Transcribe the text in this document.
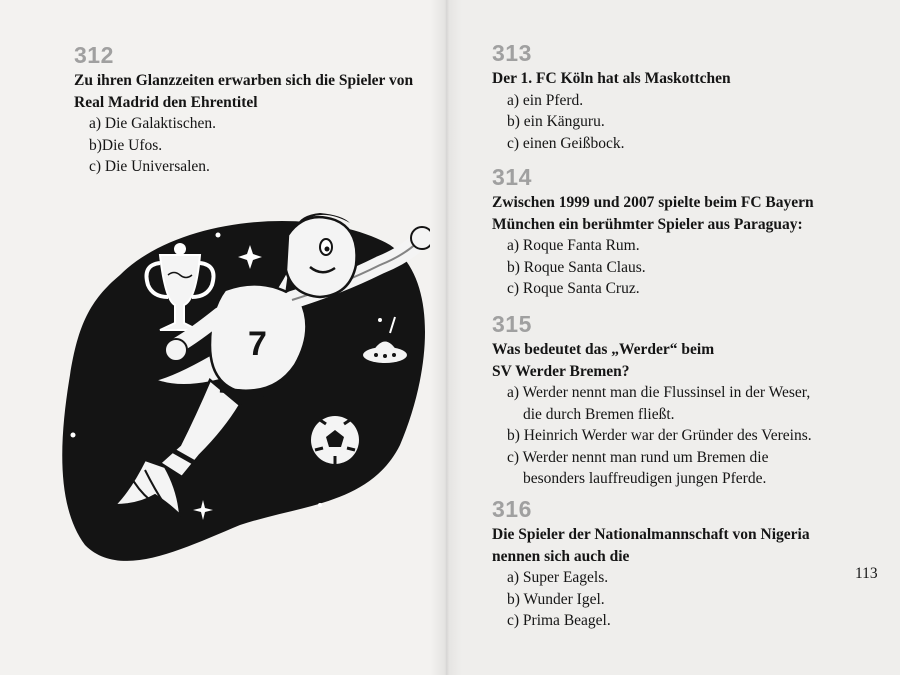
312
Zu ihren Glanzzeiten erwarben sich die Spieler von
Real Madrid den Ehrentitel
a) Die Galaktischen.
b)Die Ufos.
c) Die Universalen.
7
313
Der 1. FC Köln hat als Maskottchen
a) ein Pferd.
b) ein Känguru.
c) einen Geißbock.
314
Zwischen 1999 und 2007 spielte beim FC Bayern
München ein berühmter Spieler aus Paraguay:
a) Roque Fanta Rum.
b) Roque Santa Claus.
c) Roque Santa Cruz.
315
Was bedeutet das „Werder“ beim
SV Werder Bremen?
a) Werder nennt man die Flussinsel in der Weser,
die durch Bremen fließt.
b) Heinrich Werder war der Gründer des Vereins.
c) Werder nennt man rund um Bremen die
besonders lauffreudigen jungen Pferde.
316
Die Spieler der Nationalmannschaft von Nigeria
nennen sich auch die
a) Super Eagels.
b) Wunder Igel.
c) Prima Beagel.
113
